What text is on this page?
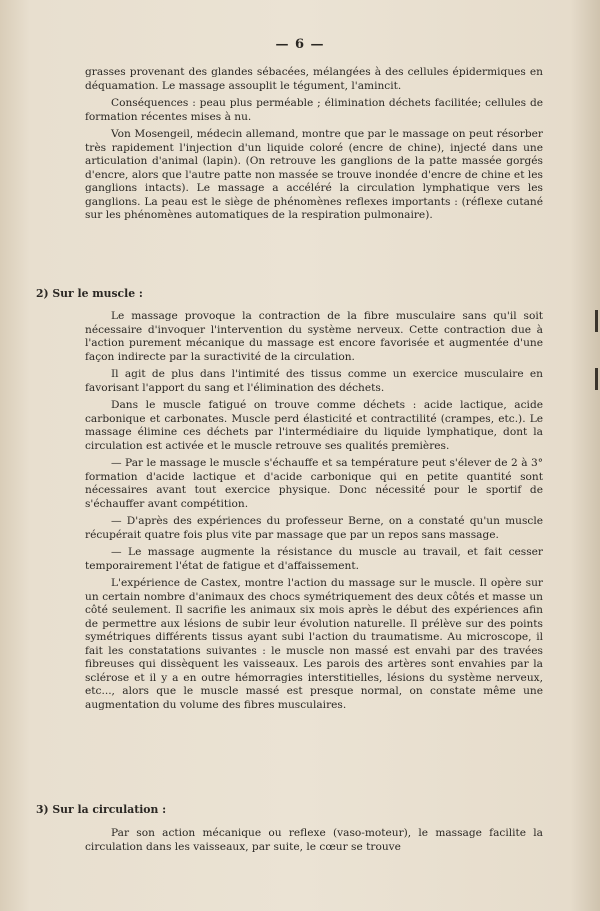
— 6 —

grasses provenant des glandes sébacées, mélangées à des cellules épidermiques en déquamation. Le massage assouplit le tégument, l'amincit.

Conséquences : peau plus perméable ; élimination déchets facilitée; cellules de formation récentes mises à nu.

Von Mosengeil, médecin allemand, montre que par le massage on peut résorber très rapidement l'injection d'un liquide coloré (encre de chine), injecté dans une articulation d'animal (lapin). (On retrouve les ganglions de la patte massée gorgés d'encre, alors que l'autre patte non massée se trouve inondée d'encre de chine et les ganglions intacts). Le massage a accéléré la circulation lymphatique vers les ganglions. La peau est le siège de phénomènes reflexes importants : (réflexe cutané sur les phénomènes automatiques de la respiration pulmonaire).

2) Sur le muscle :

Le massage provoque la contraction de la fibre musculaire sans qu'il soit nécessaire d'invoquer l'intervention du système nerveux. Cette contraction due à l'action purement mécanique du massage est encore favorisée et augmentée d'une façon indirecte par la suractivité de la circulation.

Il agit de plus dans l'intimité des tissus comme un exercice musculaire en favorisant l'apport du sang et l'élimination des déchets.

Dans le muscle fatigué on trouve comme déchets : acide lactique, acide carbonique et carbonates. Muscle perd élasticité et contractilité (crampes, etc.). Le massage élimine ces déchets par l'intermédiaire du liquide lymphatique, dont la circulation est activée et le muscle retrouve ses qualités premières.

— Par le massage le muscle s'échauffe et sa température peut s'élever de 2 à 3° formation d'acide lactique et d'acide carbonique qui en petite quantité sont nécessaires avant tout exercice physique. Donc nécessité pour le sportif de s'échauffer avant compétition.

— D'après des expériences du professeur Berne, on a constaté qu'un muscle récupérait quatre fois plus vite par massage que par un repos sans massage.

— Le massage augmente la résistance du muscle au travail, et fait cesser temporairement l'état de fatigue et d'affaissement.

L'expérience de Castex, montre l'action du massage sur le muscle. Il opère sur un certain nombre d'animaux des chocs symétriquement des deux côtés et masse un côté seulement. Il sacrifie les animaux six mois après le début des expériences afin de permettre aux lésions de subir leur évolution naturelle. Il prélève sur des points symétriques différents tissus ayant subi l'action du traumatisme. Au microscope, il fait les constatations suivantes : le muscle non massé est envahi par des travées fibreuses qui dissèquent les vaisseaux. Les parois des artères sont envahies par la sclérose et il y a en outre hémorragies interstitielles, lésions du système nerveux, etc..., alors que le muscle massé est presque normal, on constate même une augmentation du volume des fibres musculaires.

3) Sur la circulation :

Par son action mécanique ou reflexe (vaso-moteur), le massage facilite la circulation dans les vaisseaux, par suite, le cœur se trouve
